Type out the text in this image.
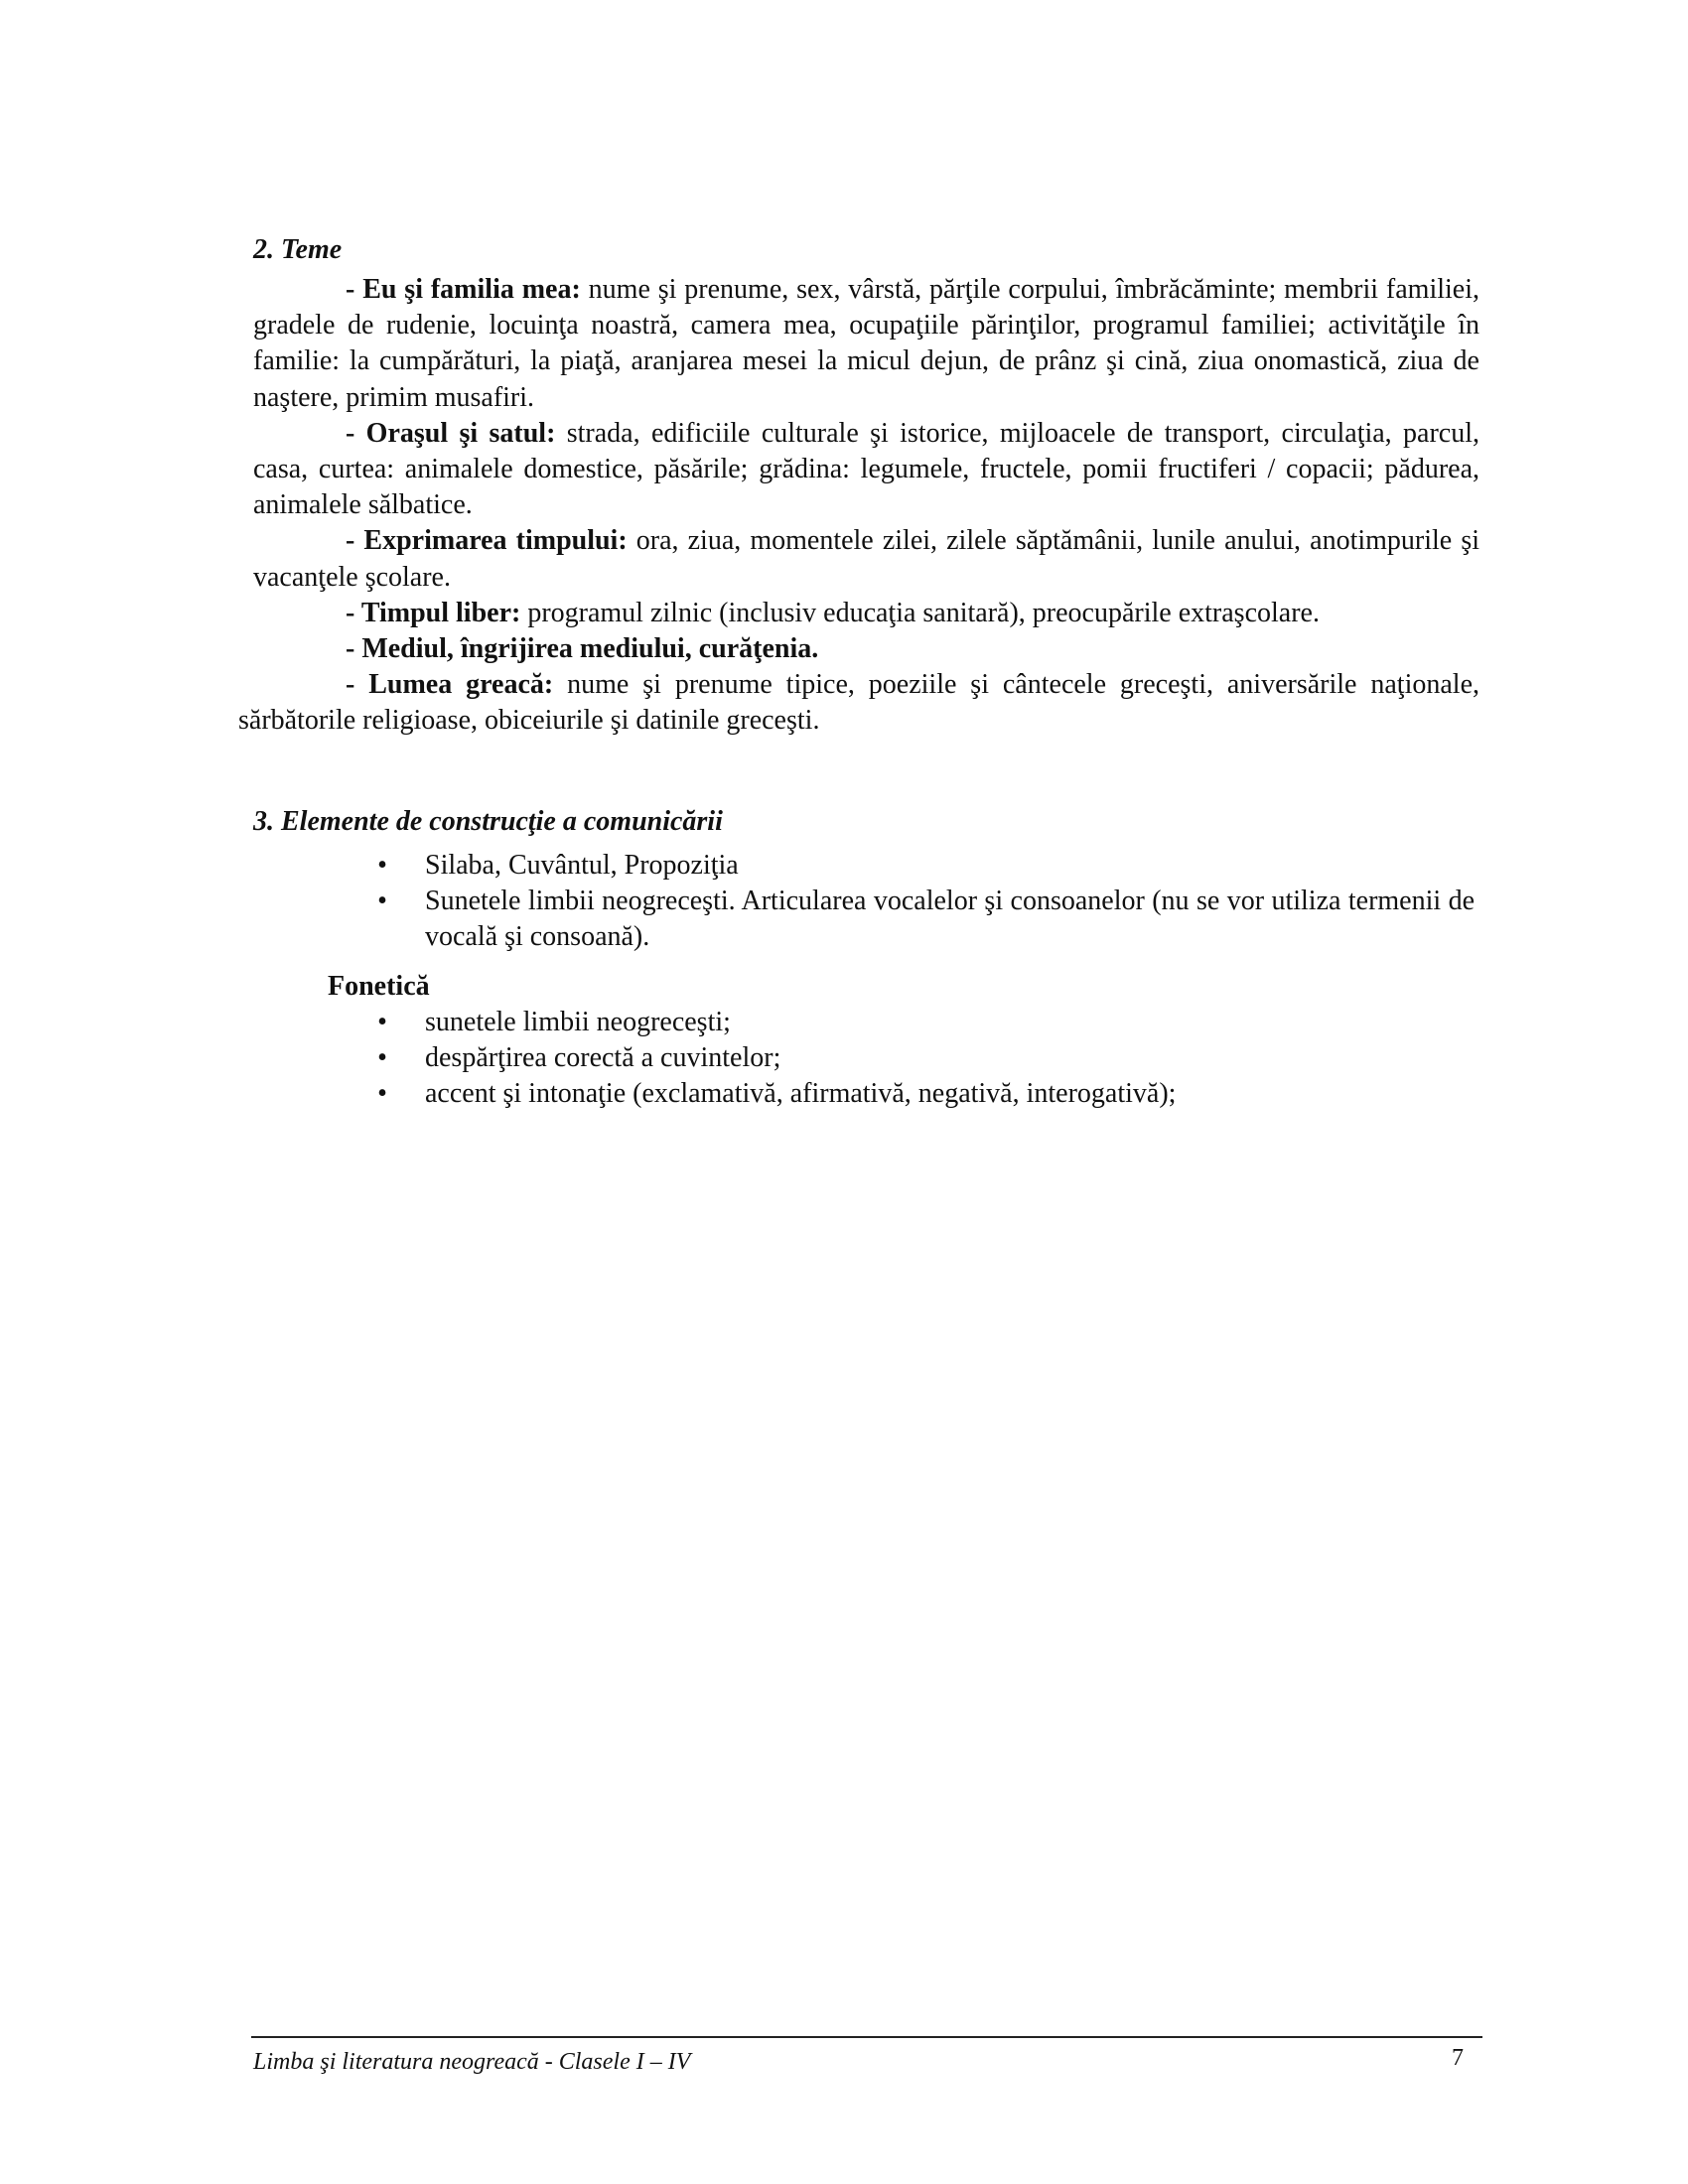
2. Teme

- Eu şi familia mea: nume şi prenume, sex, vârstă, părţile corpului, îmbrăcăminte; membrii familiei, gradele de rudenie, locuinţa noastră, camera mea, ocupaţiile părinţilor, programul familiei; activităţile în familie: la cumpărături, la piaţă, aranjarea mesei la micul dejun, de prânz şi cină, ziua onomastică, ziua de naştere, primim musafiri.

- Oraşul şi satul: strada, edificiile culturale şi istorice, mijloacele de transport, circulaţia, parcul, casa, curtea: animalele domestice, păsările; grădina: legumele, fructele, pomii fructiferi / copacii; pădurea, animalele sălbatice.

- Exprimarea timpului: ora, ziua, momentele zilei, zilele săptămânii, lunile anului, anotimpurile şi vacanţele şcolare.

- Timpul liber: programul zilnic (inclusiv educaţia sanitară), preocupările extraşcolare.

- Mediul, îngrijirea mediului, curăţenia.

- Lumea greacă: nume şi prenume tipice, poeziile şi cântecele greceşti, aniversările naţionale, sărbătorile religioase, obiceiurile şi datinile greceşti.

3. Elemente de construcţie a comunicării
• Silaba, Cuvântul, Propoziţia
• Sunetele limbii neogreceşti. Articularea vocalelor şi consoanelor (nu se vor utiliza termenii de vocală şi consoană).
Fonetică
• sunetele limbii neogreceşti;
• despărţirea corectă a cuvintelor;
• accent şi intonaţie (exclamativă, afirmativă, negativă, interogativă);
Limba şi literatura neogreacă - Clasele I – IV	7
